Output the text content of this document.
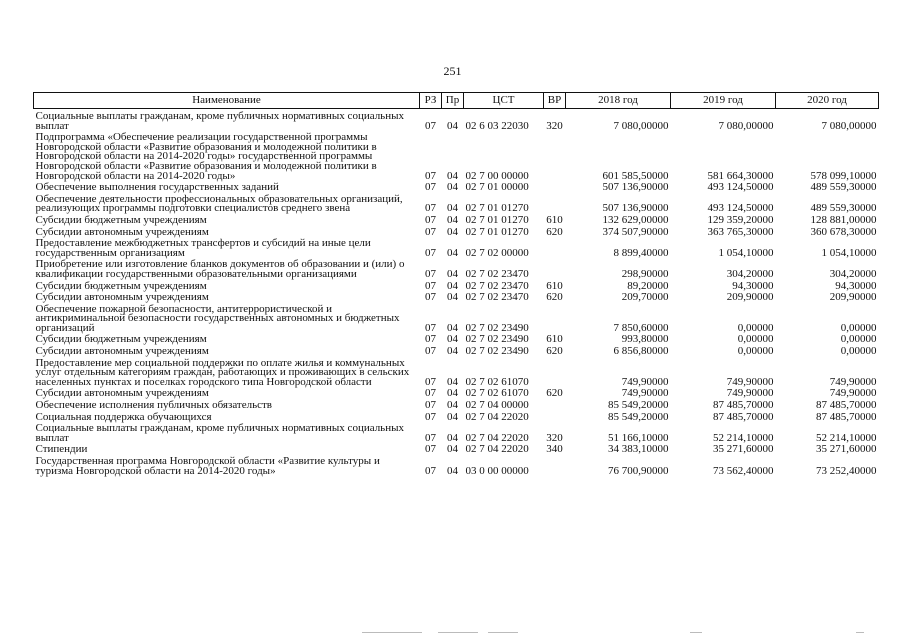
251
Наименование	РЗ	Пр	ЦСТ	ВР	2018 год	2019 год	2020 год
Социальные выплаты гражданам, кроме публичных нормативных социальных выплат	07	04	02 6 03 22030	320	7 080,00000	7 080,00000	7 080,00000
Подпрограмма «Обеспечение реализации государственной программы Новгородской области «Развитие образования и молодежной политики в Новгородской области на 2014-2020 годы» государственной программы Новгородской области «Развитие образования и молодежной политики в Новгородской области на 2014-2020 годы»	07	04	02 7 00 00000		601 585,50000	581 664,30000	578 099,10000
Обеспечение выполнения государственных заданий	07	04	02 7 01 00000		507 136,90000	493 124,50000	489 559,30000
Обеспечение деятельности профессиональных образовательных организаций, реализующих программы подготовки специалистов среднего звена	07	04	02 7 01 01270		507 136,90000	493 124,50000	489 559,30000
Субсидии бюджетным учреждениям	07	04	02 7 01 01270	610	132 629,00000	129 359,20000	128 881,00000
Субсидии автономным учреждениям	07	04	02 7 01 01270	620	374 507,90000	363 765,30000	360 678,30000
Предоставление межбюджетных трансфертов и субсидий на иные цели государственным организациям	07	04	02 7 02 00000		8 899,40000	1 054,10000	1 054,10000
Приобретение или изготовление бланков документов об образовании и (или) о квалификации государственными образовательными организациями	07	04	02 7 02 23470		298,90000	304,20000	304,20000
Субсидии бюджетным учреждениям	07	04	02 7 02 23470	610	89,20000	94,30000	94,30000
Субсидии автономным учреждениям	07	04	02 7 02 23470	620	209,70000	209,90000	209,90000
Обеспечение пожарной безопасности, антитеррористической и антикриминальной безопасности государственных автономных и бюджетных организаций	07	04	02 7 02 23490		7 850,60000	0,00000	0,00000
Субсидии бюджетным учреждениям	07	04	02 7 02 23490	610	993,80000	0,00000	0,00000
Субсидии автономным учреждениям	07	04	02 7 02 23490	620	6 856,80000	0,00000	0,00000
Предоставление мер социальной поддержки по оплате жилья и коммунальных услуг отдельным категориям граждан, работающих и проживающих в сельских населенных пунктах и поселках городского типа Новгородской области	07	04	02 7 02 61070		749,90000	749,90000	749,90000
Субсидии автономным учреждениям	07	04	02 7 02 61070	620	749,90000	749,90000	749,90000
Обеспечение исполнения публичных обязательств	07	04	02 7 04 00000		85 549,20000	87 485,70000	87 485,70000
Социальная поддержка обучающихся	07	04	02 7 04 22020		85 549,20000	87 485,70000	87 485,70000
Социальные выплаты гражданам, кроме публичных нормативных социальных выплат	07	04	02 7 04 22020	320	51 166,10000	52 214,10000	52 214,10000
Стипендии	07	04	02 7 04 22020	340	34 383,10000	35 271,60000	35 271,60000
Государственная программа Новгородской области «Развитие культуры и туризма Новгородской области на 2014-2020 годы»	07	04	03 0 00 00000		76 700,90000	73 562,40000	73 252,40000
